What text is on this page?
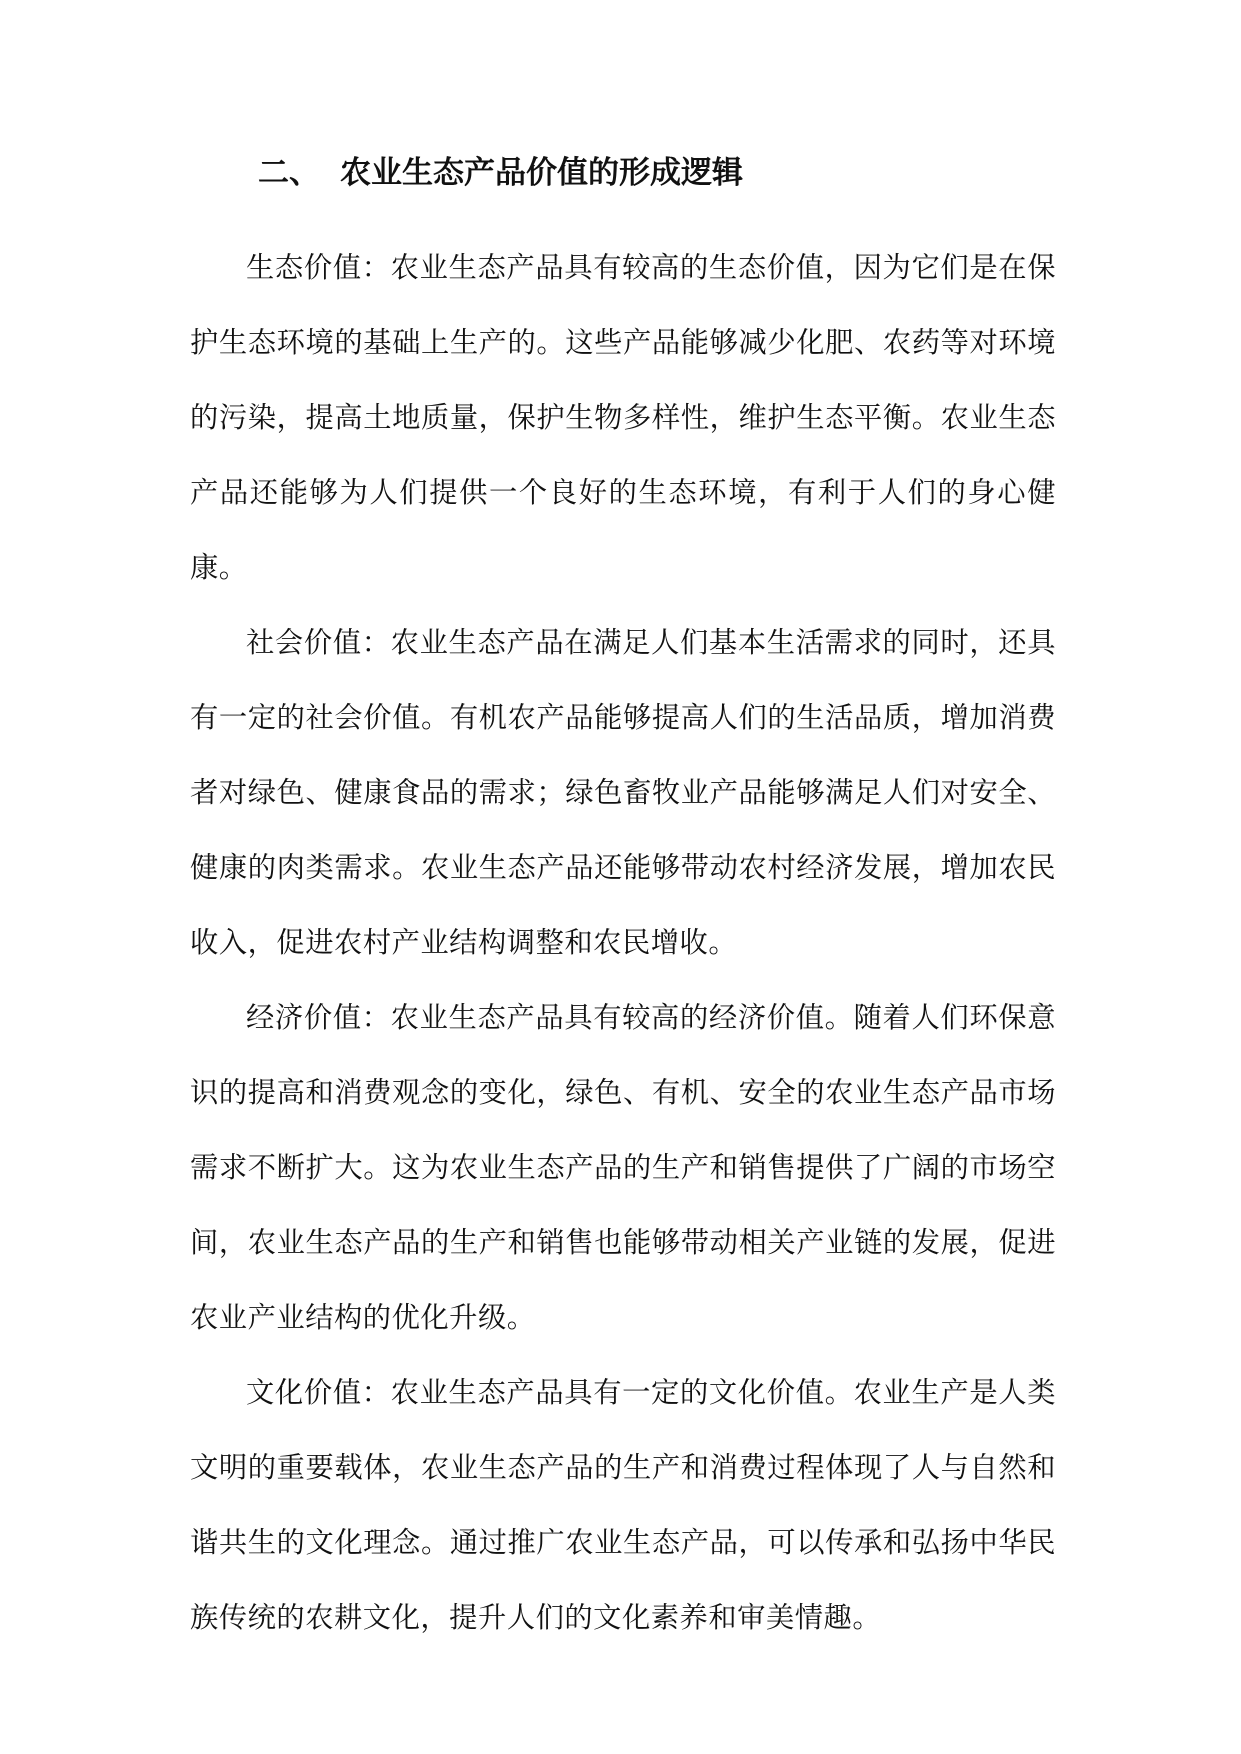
二、 农业生态产品价值的形成逻辑

生态价值：农业生态产品具有较高的生态价值，因为它们是在保护生态环境的基础上生产的。这些产品能够减少化肥、农药等对环境的污染，提高土地质量，保护生物多样性，维护生态平衡。农业生态产品还能够为人们提供一个良好的生态环境，有利于人们的身心健康。

社会价值：农业生态产品在满足人们基本生活需求的同时，还具有一定的社会价值。有机农产品能够提高人们的生活品质，增加消费者对绿色、健康食品的需求；绿色畜牧业产品能够满足人们对安全、健康的肉类需求。农业生态产品还能够带动农村经济发展，增加农民收入，促进农村产业结构调整和农民增收。

经济价值：农业生态产品具有较高的经济价值。随着人们环保意识的提高和消费观念的变化，绿色、有机、安全的农业生态产品市场需求不断扩大。这为农业生态产品的生产和销售提供了广阔的市场空间，农业生态产品的生产和销售也能够带动相关产业链的发展，促进农业产业结构的优化升级。

文化价值：农业生态产品具有一定的文化价值。农业生产是人类文明的重要载体，农业生态产品的生产和消费过程体现了人与自然和谐共生的文化理念。通过推广农业生态产品，可以传承和弘扬中华民族传统的农耕文化，提升人们的文化素养和审美情趣。
